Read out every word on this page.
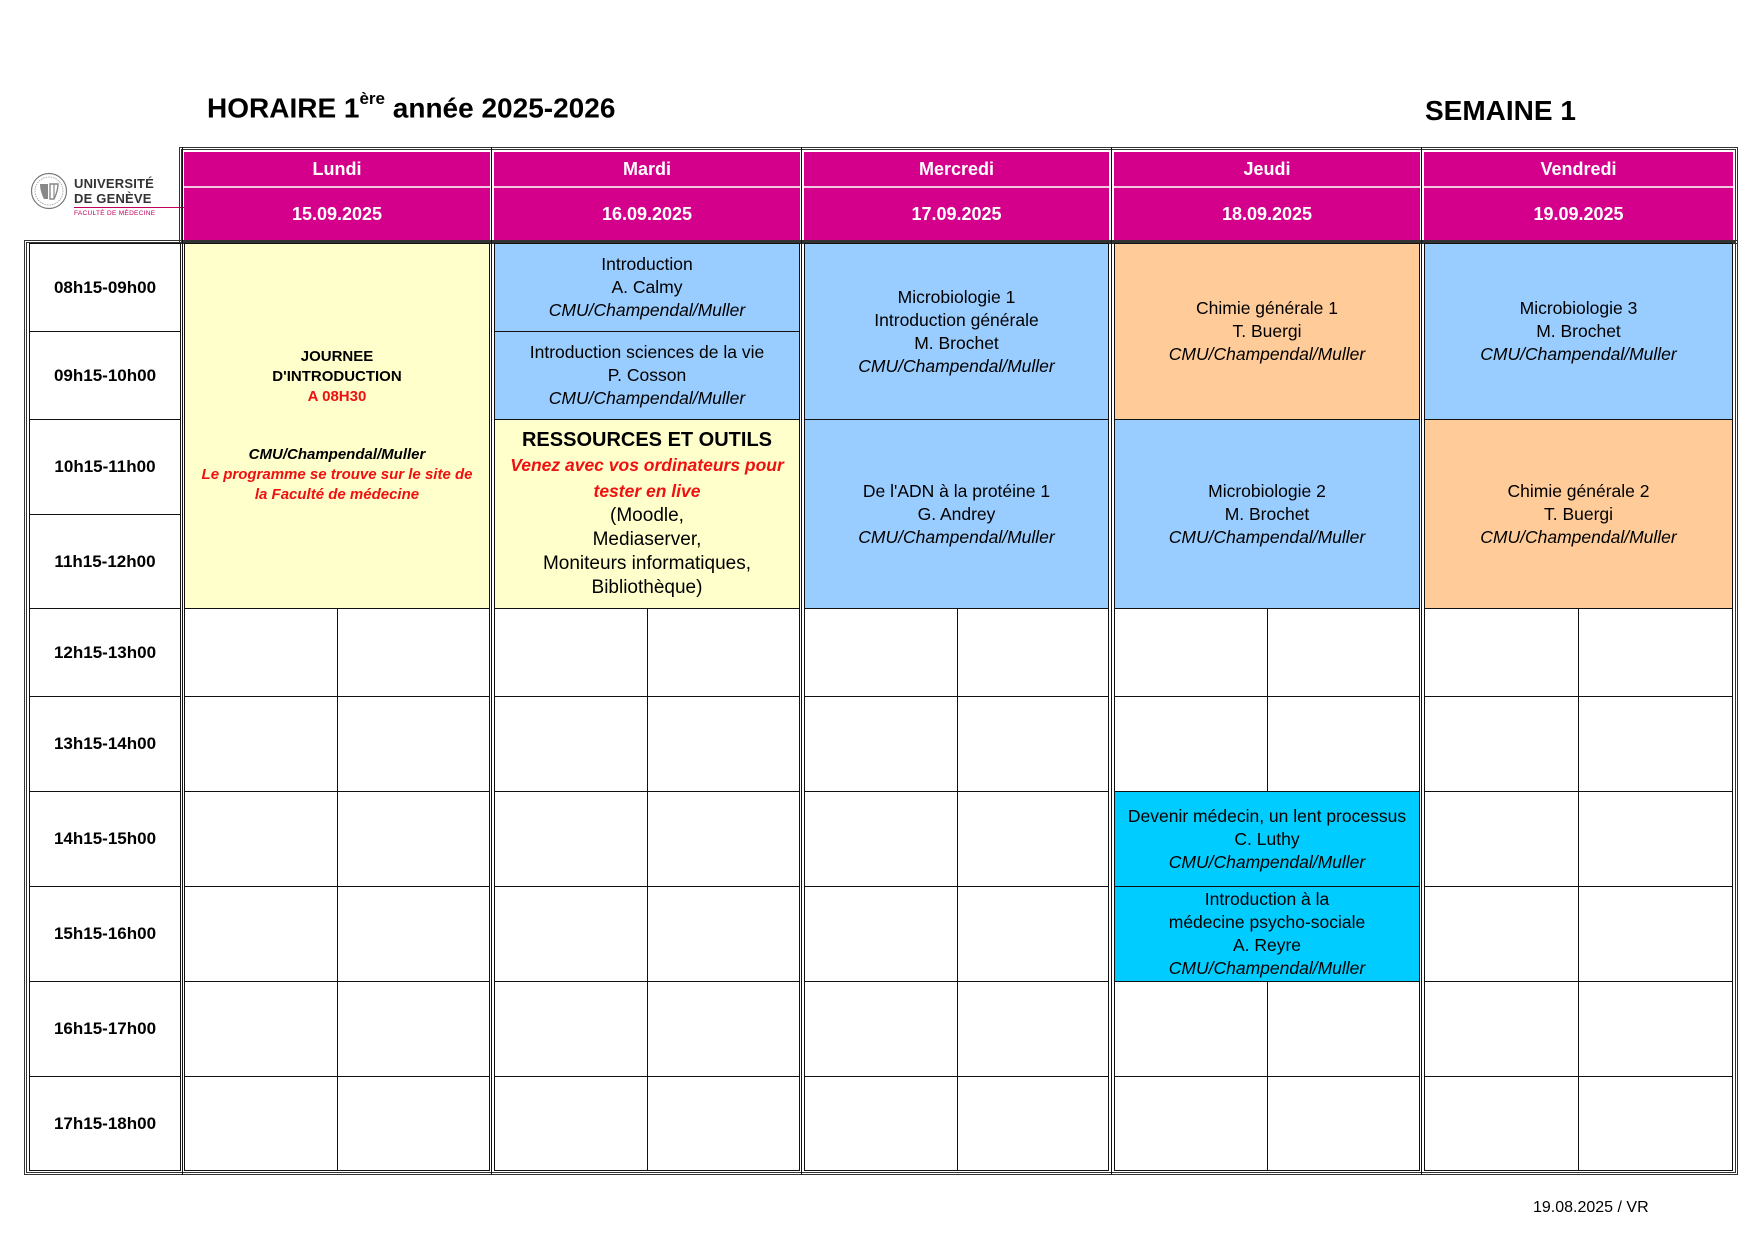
HORAIRE 1ère année 2025-2026	SEMAINE 1
UNIVERSITÉ
DE GENÈVE
FACULTÉ DE MÉDECINE
Lundi
15.09.2025
Mardi
16.09.2025
Mercredi
17.09.2025
Jeudi
18.09.2025
Vendredi
19.09.2025
08h15-09h00
09h15-10h00
10h15-11h00
11h15-12h00
12h15-13h00
13h15-14h00
14h15-15h00
15h15-16h00
16h15-17h00
17h15-18h00
JOURNEE
D'INTRODUCTION
A 08H30
CMU/Champendal/Muller
Le programme se trouve sur le site de
la Faculté de médecine
Introduction
A. Calmy
CMU/Champendal/Muller
Introduction sciences de la vie
P. Cosson
CMU/Champendal/Muller
RESSOURCES ET OUTILS
Venez avec vos ordinateurs pour
tester en live
(Moodle,
Mediaserver,
Moniteurs informatiques,
Bibliothèque)
Microbiologie 1
Introduction générale
M. Brochet
CMU/Champendal/Muller
De l'ADN à la protéine 1
G. Andrey
CMU/Champendal/Muller
Chimie générale 1
T. Buergi
CMU/Champendal/Muller
Microbiologie 2
M. Brochet
CMU/Champendal/Muller
Devenir médecin, un lent processus
C. Luthy
CMU/Champendal/Muller
Introduction à la
médecine psycho-sociale
A. Reyre
CMU/Champendal/Muller
Microbiologie 3
M. Brochet
CMU/Champendal/Muller
Chimie générale 2
T. Buergi
CMU/Champendal/Muller
19.08.2025 / VR
